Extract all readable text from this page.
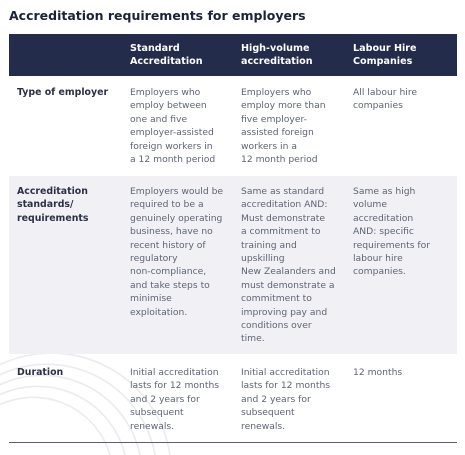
Accreditation requirements for employers
Standard
Accreditation
High-volume
accreditation
Labour Hire
Companies
Type of employer Employers who
employ between
one and five
employer-assisted
foreign workers in
a 12 month period
Employers who
employ more than
five employer-
assisted foreign
workers in a
12 month period
All labour hire
companies
Accreditation
standards/
requirements
Employers would be
required to be a
genuinely operating
business, have no
recent history of
regulatory
non-compliance,
and take steps to
minimise
exploitation.
Same as standard
accreditation AND:
Must demonstrate
a commitment to
training and
upskilling
New Zealanders and
must demonstrate a
commitment to
improving pay and
conditions over
time.
Same as high
volume
accreditation
AND: specific
requirements for
labour hire
companies.
Duration	Initial accreditation
lasts for 12 months
and 2 years for
subsequent
renewals.
Initial accreditation
lasts for 12 months
and 2 years for
subsequent
renewals.
12 months
